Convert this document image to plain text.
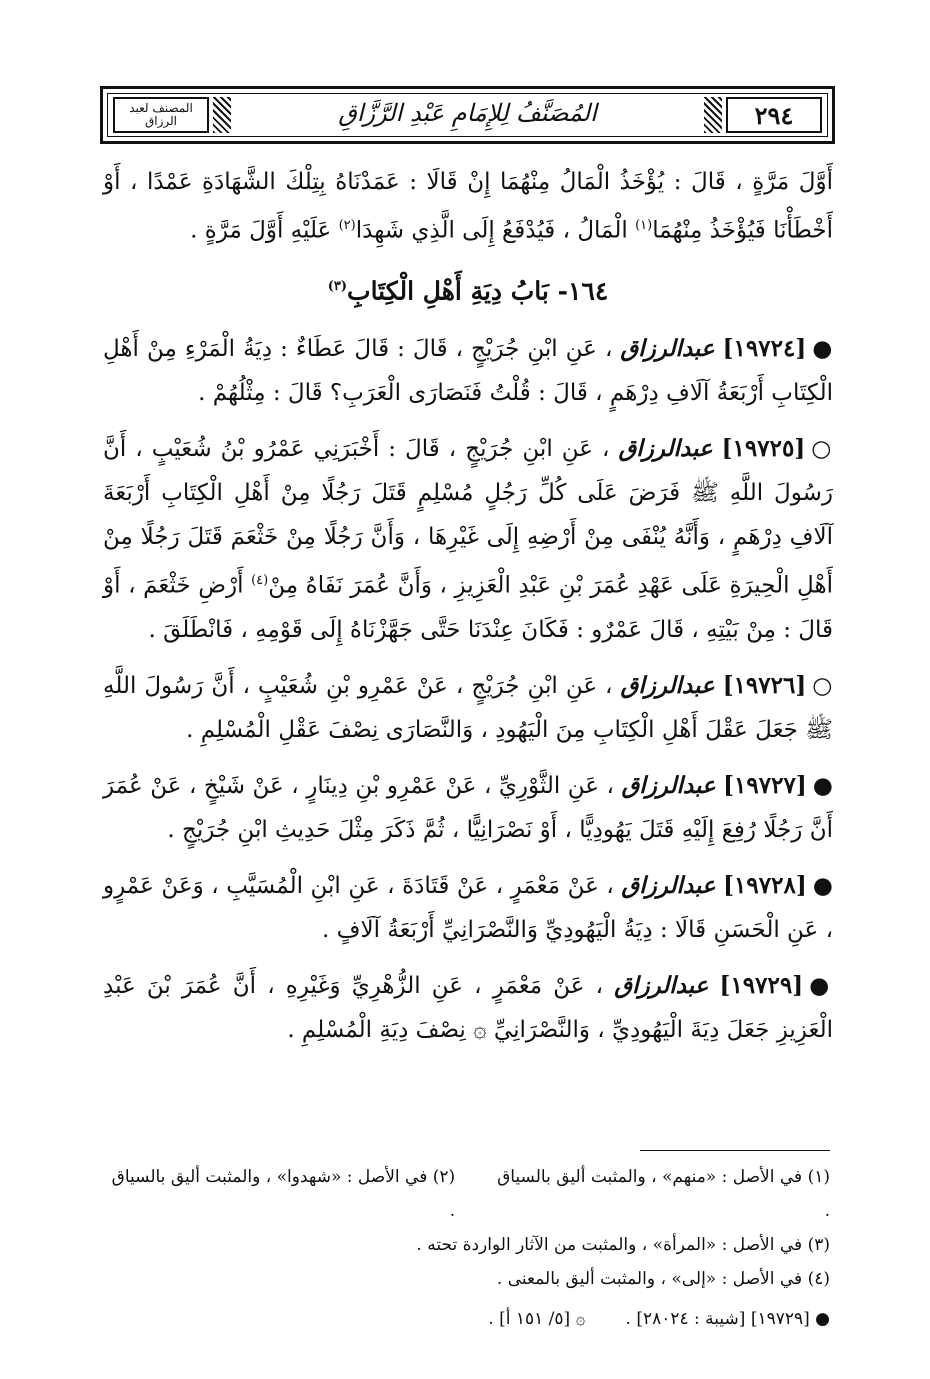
المصنف لعبد الرزاق	المُصَنَّفُ لِلإِمَامِ عَبْدِ الرَّزَّاقِ	٢٩٤

أَوَّلَ مَرَّةٍ ، قَالَ : يُؤْخَذُ الْمَالُ مِنْهُمَا إِنْ قَالَا : عَمَدْنَاهُ بِتِلْكَ الشَّهَادَةِ عَمْدًا ، أَوْ أَخْطَأْنَا فَيُؤْخَذُ مِنْهُمَا$^{(١)}$ الْمَالُ ، فَيُدْفَعُ إِلَى الَّذِي شَهِدَا$^{(٢)}$ عَلَيْهِ أَوَّلَ مَرَّةٍ .

١٦٤- بَابُ دِيَةِ أَهْلِ الْكِتَابِ$^{(٣)}$

●[١٩٧٢٤] عبدالرزاق ، عَنِ ابْنِ جُرَيْجٍ ، قَالَ : قَالَ عَطَاءٌ : دِيَةُ الْمَرْءِ مِنْ أَهْلِ الْكِتَابِ أَرْبَعَةُ آلَافِ دِرْهَمٍ ، قَالَ : قُلْتُ فَنَصَارَى الْعَرَبِ؟ قَالَ : مِثْلُهُمْ .

○[١٩٧٢٥] عبدالرزاق ، عَنِ ابْنِ جُرَيْجٍ ، قَالَ : أَخْبَرَنِي عَمْرُو بْنُ شُعَيْبٍ ، أَنَّ رَسُولَ اللَّهِ ﷺ فَرَضَ عَلَى كُلِّ رَجُلٍ مُسْلِمٍ قَتَلَ رَجُلًا مِنْ أَهْلِ الْكِتَابِ أَرْبَعَةَ آلَافِ دِرْهَمٍ ، وَأَنَّهُ يُنْفَى مِنْ أَرْضِهِ إِلَى غَيْرِهَا ، وَأَنَّ رَجُلًا مِنْ خَثْعَمَ قَتَلَ رَجُلًا مِنْ أَهْلِ الْحِيرَةِ عَلَى عَهْدِ عُمَرَ بْنِ عَبْدِ الْعَزِيزِ ، وَأَنَّ عُمَرَ نَفَاهُ مِنْ$^{(٤)}$ أَرْضِ خَثْعَمَ ، أَوْ قَالَ : مِنْ بَيْتِهِ ، قَالَ عَمْرٌو : فَكَانَ عِنْدَنَا حَتَّى جَهَّزْنَاهُ إِلَى قَوْمِهِ ، فَانْطَلَقَ .

○[١٩٧٢٦] عبدالرزاق ، عَنِ ابْنِ جُرَيْجٍ ، عَنْ عَمْرِو بْنِ شُعَيْبٍ ، أَنَّ رَسُولَ اللَّهِ ﷺ جَعَلَ عَقْلَ أَهْلِ الْكِتَابِ مِنَ الْيَهُودِ ، وَالنَّصَارَى نِصْفَ عَقْلِ الْمُسْلِمِ .

●[١٩٧٢٧] عبدالرزاق ، عَنِ الثَّوْرِيِّ ، عَنْ عَمْرِو بْنِ دِينَارٍ ، عَنْ شَيْخٍ ، عَنْ عُمَرَ أَنَّ رَجُلًا رُفِعَ إِلَيْهِ قَتَلَ يَهُودِيًّا ، أَوْ نَصْرَانِيًّا ، ثُمَّ ذَكَرَ مِثْلَ حَدِيثِ ابْنِ جُرَيْجٍ .

●[١٩٧٢٨] عبدالرزاق ، عَنْ مَعْمَرٍ ، عَنْ قَتَادَةَ ، عَنِ ابْنِ الْمُسَيَّبِ ، وَعَنْ عَمْرٍو ، عَنِ الْحَسَنِ قَالَا : دِيَةُ الْيَهُودِيِّ وَالنَّصْرَانِيِّ أَرْبَعَةُ آلَافٍ .

●[١٩٧٢٩] عبدالرزاق ، عَنْ مَعْمَرٍ ، عَنِ الزُّهْرِيِّ وَغَيْرِهِ ، أَنَّ عُمَرَ بْنَ عَبْدِ الْعَزِيزِ جَعَلَ دِيَةَ الْيَهُودِيِّ ، وَالنَّصْرَانِيِّ ۞ نِصْفَ دِيَةِ الْمُسْلِمِ .

(١) في الأصل : «منهم» ، والمثبت أليق بالسياق .
(٢) في الأصل : «شهدوا» ، والمثبت أليق بالسياق .
(٣) في الأصل : «المرأة» ، والمثبت من الآثار الواردة تحته .
(٤) في الأصل : «إلى» ، والمثبت أليق بالمعنى .
● [١٩٧٢٩] [شيبة : ٢٨٠٢٤] .
۞ [٥/ ١٥١ أ] .
